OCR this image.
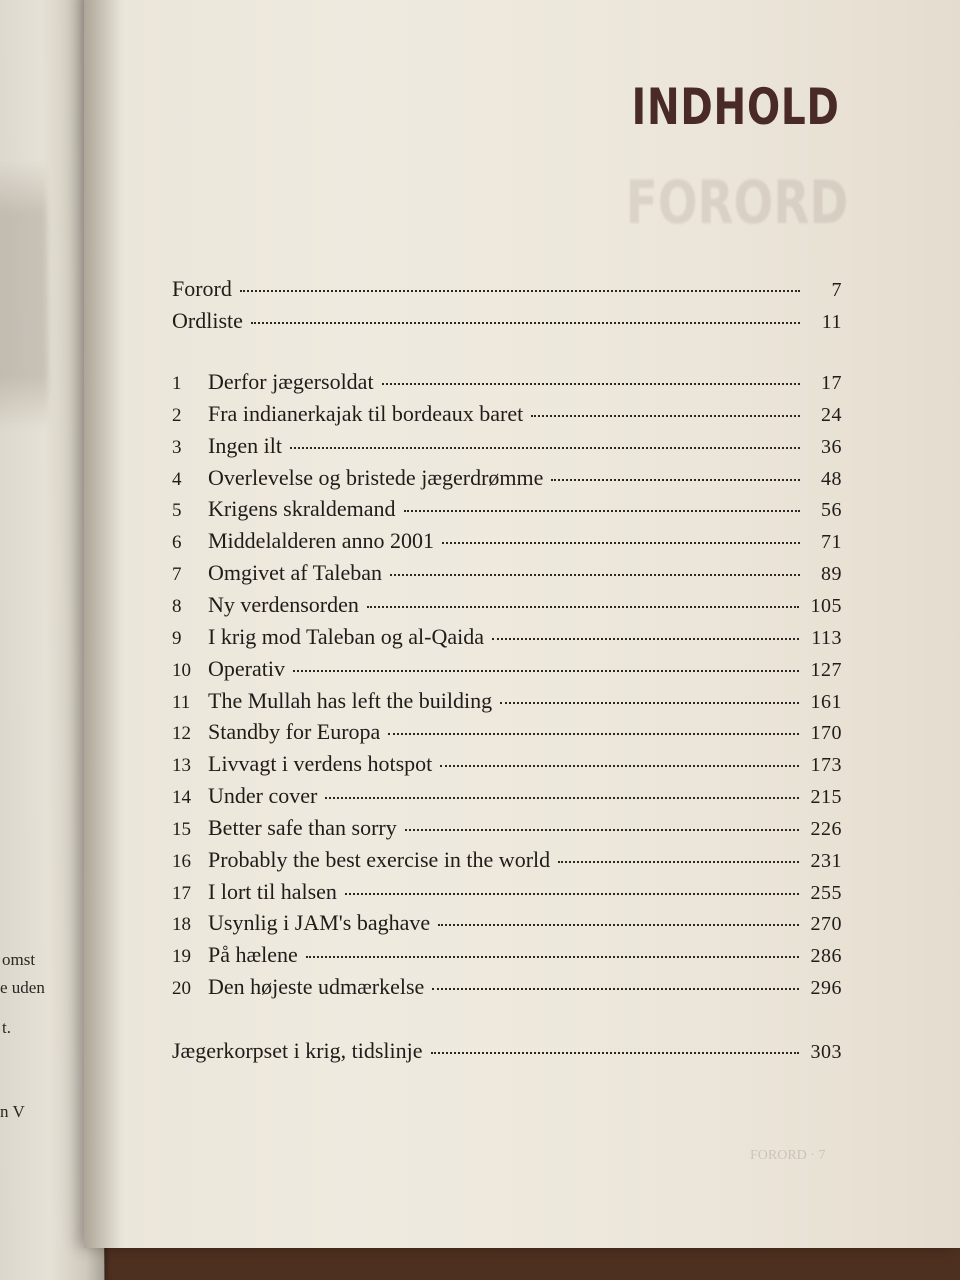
omst
e uden
t.
n V
FORORD
INDHOLD
Forord	7
Ordliste	11
1	Derfor jægersoldat	17
2	Fra indianerkajak til bordeaux baret	24
3	Ingen ilt	36
4	Overlevelse og bristede jægerdrømme	48
5	Krigens skraldemand	56
6	Middelalderen anno 2001	71
7	Omgivet af Taleban	89
8	Ny verdensorden	105
9	I krig mod Taleban og al-Qaida	113
10 Operativ	127
11 The Mullah has left the building	161
12 Standby for Europa	170
13 Livvagt i verdens hotspot	173
14 Under cover	215
15 Better safe than sorry	226
16 Probably the best exercise in the world	231
17 I lort til halsen	255
18 Usynlig i JAM's baghave	270
19 På hælene	286
20 Den højeste udmærkelse	296
Jægerkorpset i krig, tidslinje	303
FORORD · 7
